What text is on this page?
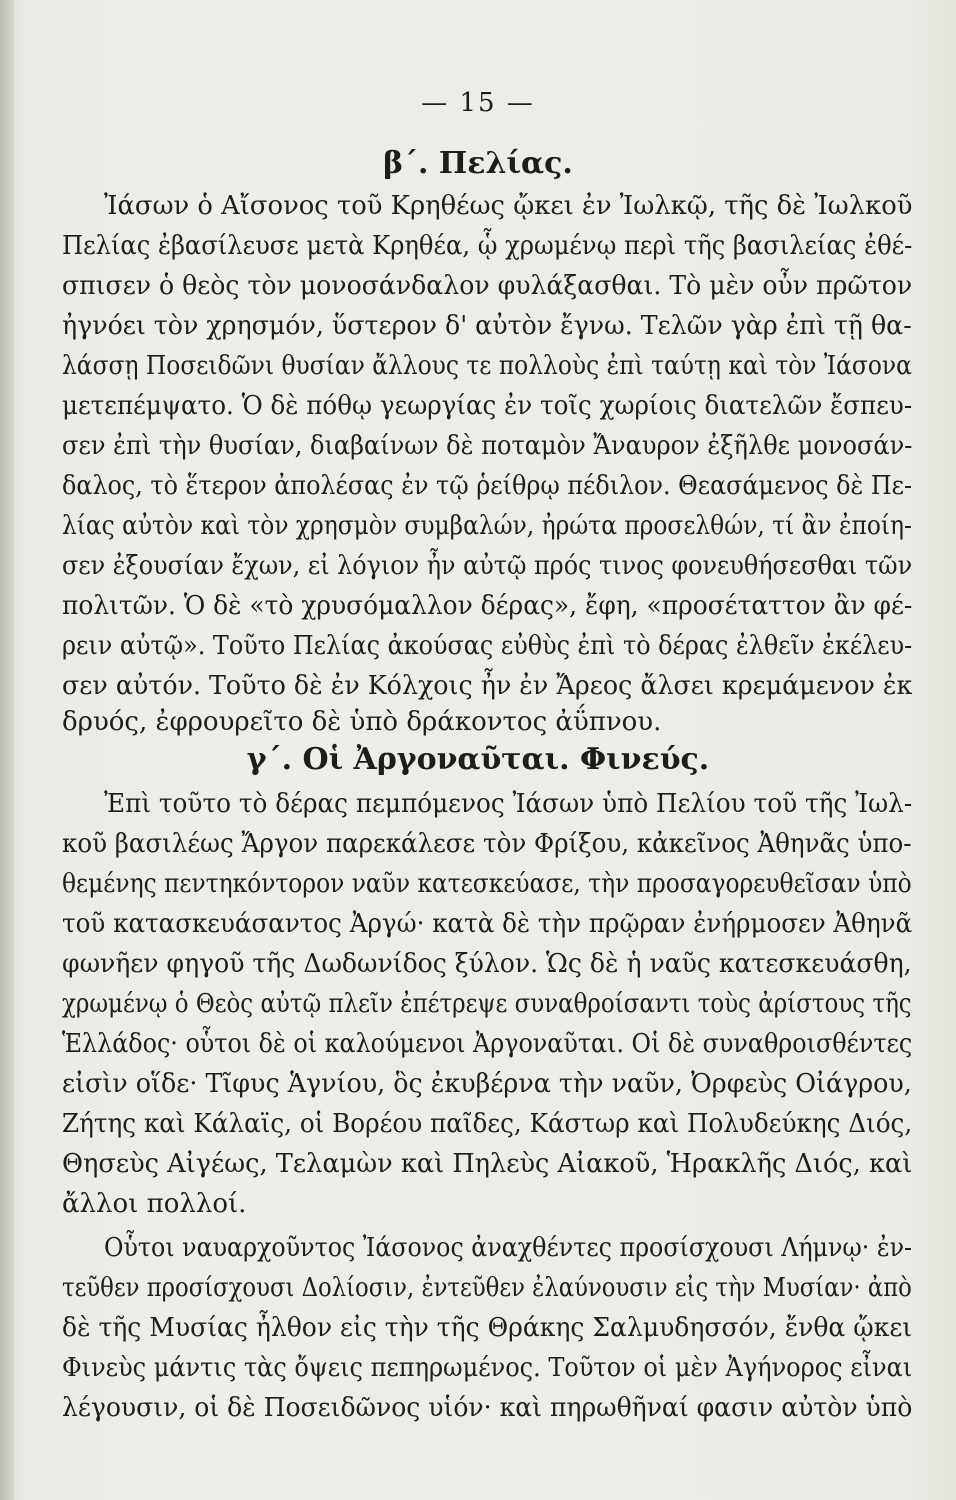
— 15 —
β΄. Πελίας.
Ἰάσων ὁ Αἴσονος τοῦ Κρηθέως ᾤκει ἐν Ἰωλκῷ, τῆς δὲ Ἰωλκοῦ
Πελίας ἐβασίλευσε μετὰ Κρηθέα, ᾧ χρωμένῳ περὶ τῆς βασιλείας ἐθέ-
σπισεν ὁ θεὸς τὸν μονοσάνδαλον φυλάξασθαι. Τὸ μὲν οὖν πρῶτον
ἠγνόει τὸν χρησμόν, ὕστερον δ' αὐτὸν ἔγνω. Τελῶν γὰρ ἐπὶ τῇ θα-
λάσσῃ Ποσειδῶνι θυσίαν ἄλλους τε πολλοὺς ἐπὶ ταύτῃ καὶ τὸν Ἰάσονα
μετεπέμψατο. Ὁ δὲ πόθῳ γεωργίας ἐν τοῖς χωρίοις διατελῶν ἔσπευ-
σεν ἐπὶ τὴν θυσίαν, διαβαίνων δὲ ποταμὸν Ἄναυρον ἐξῆλθε μονοσάν-
δαλος, τὸ ἕτερον ἀπολέσας ἐν τῷ ῥείθρῳ πέδιλον. Θεασάμενος δὲ Πε-
λίας αὐτὸν καὶ τὸν χρησμὸν συμβαλών, ἠρώτα προσελθών, τί ἂν ἐποίη-
σεν ἐξουσίαν ἔχων, εἰ λόγιον ἦν αὐτῷ πρός τινος φονευθήσεσθαι τῶν
πολιτῶν. Ὁ δὲ «τὸ χρυσόμαλλον δέρας», ἔφη, «προσέταττον ἂν φέ-
ρειν αὐτῷ». Τοῦτο Πελίας ἀκούσας εὐθὺς ἐπὶ τὸ δέρας ἐλθεῖν ἐκέλευ-
σεν αὐτόν. Τοῦτο δὲ ἐν Κόλχοις ἦν ἐν Ἄρεος ἄλσει κρεμάμενον ἐκ
δρυός, ἐφρουρεῖτο δὲ ὑπὸ δράκοντος ἀΰπνου.
γ΄. Οἱ Ἀργοναῦται. Φινεύς.
Ἐπὶ τοῦτο τὸ δέρας πεμπόμενος Ἰάσων ὑπὸ Πελίου τοῦ τῆς Ἰωλ-
κοῦ βασιλέως Ἄργον παρεκάλεσε τὸν Φρίξου, κἀκεῖνος Ἀθηνᾶς ὑπο-
θεμένης πεντηκόντορον ναῦν κατεσκεύασε, τὴν προσαγορευθεῖσαν ὑπὸ
τοῦ κατασκευάσαντος Ἀργώ· κατὰ δὲ τὴν πρῷραν ἐνήρμοσεν Ἀθηνᾶ
φωνῆεν φηγοῦ τῆς Δωδωνίδος ξύλον. Ὡς δὲ ἡ ναῦς κατεσκευάσθη,
χρωμένῳ ὁ Θεὸς αὐτῷ πλεῖν ἐπέτρεψε συναθροίσαντι τοὺς ἀρίστους τῆς
Ἑλλάδος· οὗτοι δὲ οἱ καλούμενοι Ἀργοναῦται. Οἱ δὲ συναθροισθέντες
εἰσὶν οἵδε· Τῖφυς Ἁγνίου, ὃς ἐκυβέρνα τὴν ναῦν, Ὀρφεὺς Οἰάγρου,
Ζήτης καὶ Κάλαϊς, οἱ Βορέου παῖδες, Κάστωρ καὶ Πολυδεύκης Διός,
Θησεὺς Αἰγέως, Τελαμὼν καὶ Πηλεὺς Αἰακοῦ, Ἡρακλῆς Διός, καὶ
ἄλλοι πολλοί.
Οὗτοι ναυαρχοῦντος Ἰάσονος ἀναχθέντες προσίσχουσι Λήμνῳ· ἐν-
τεῦθεν προσίσχουσι Δολίοσιν, ἐντεῦθεν ἐλαύνουσιν εἰς τὴν Μυσίαν· ἀπὸ
δὲ τῆς Μυσίας ἦλθον εἰς τὴν τῆς Θράκης Σαλμυδησσόν, ἔνθα ᾤκει
Φινεὺς μάντις τὰς ὄψεις πεπηρωμένος. Τοῦτον οἱ μὲν Ἀγήνορος εἶναι
λέγουσιν, οἱ δὲ Ποσειδῶνος υἱόν· καὶ πηρωθῆναί φασιν αὐτὸν ὑπὸ
